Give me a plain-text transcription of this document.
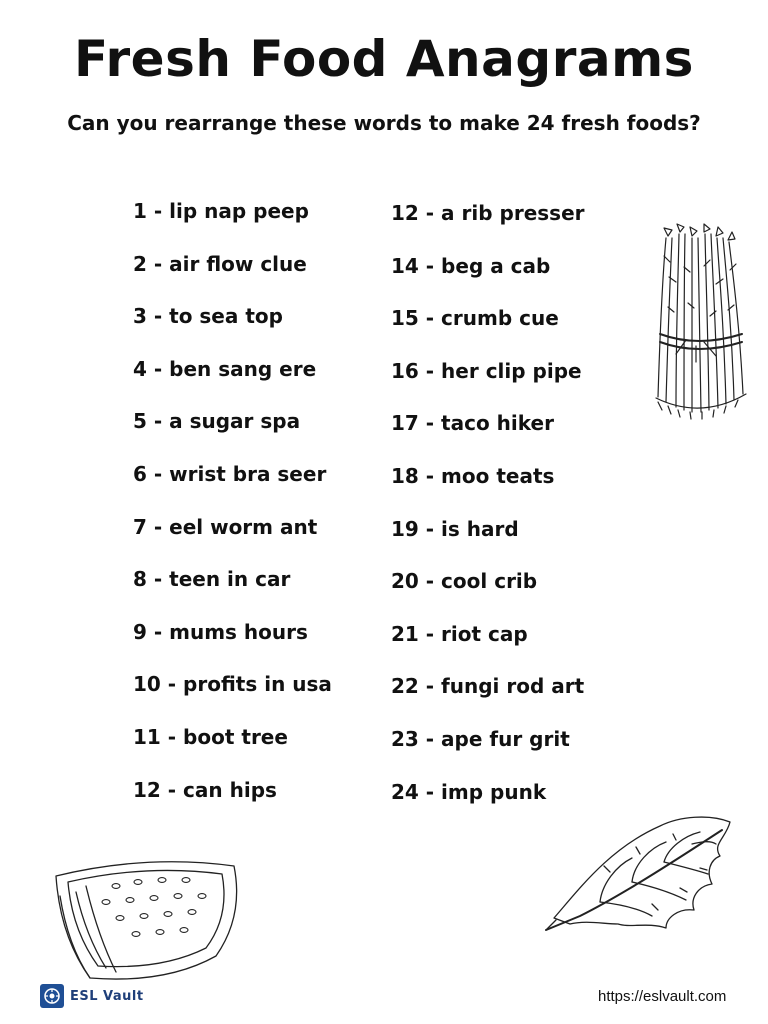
Fresh Food Anagrams
Can you rearrange these words to make 24 fresh foods?
1 - lip nap peep
2 - air flow clue
3 - to sea top
4 - ben sang ere
5 - a sugar spa
6 - wrist bra seer
7 - eel worm ant
8 - teen in car
9 - mums hours
10 - profits in usa
11 - boot tree
12 - can hips
12 - a rib presser
14 - beg a cab
15 - crumb cue
16 - her clip pipe
17 - taco hiker
18 - moo teats
19 - is hard
20 - cool crib
21 - riot cap
22 - fungi rod art
23 - ape fur grit
24 - imp punk
ESL Vault	https://eslvault.com
